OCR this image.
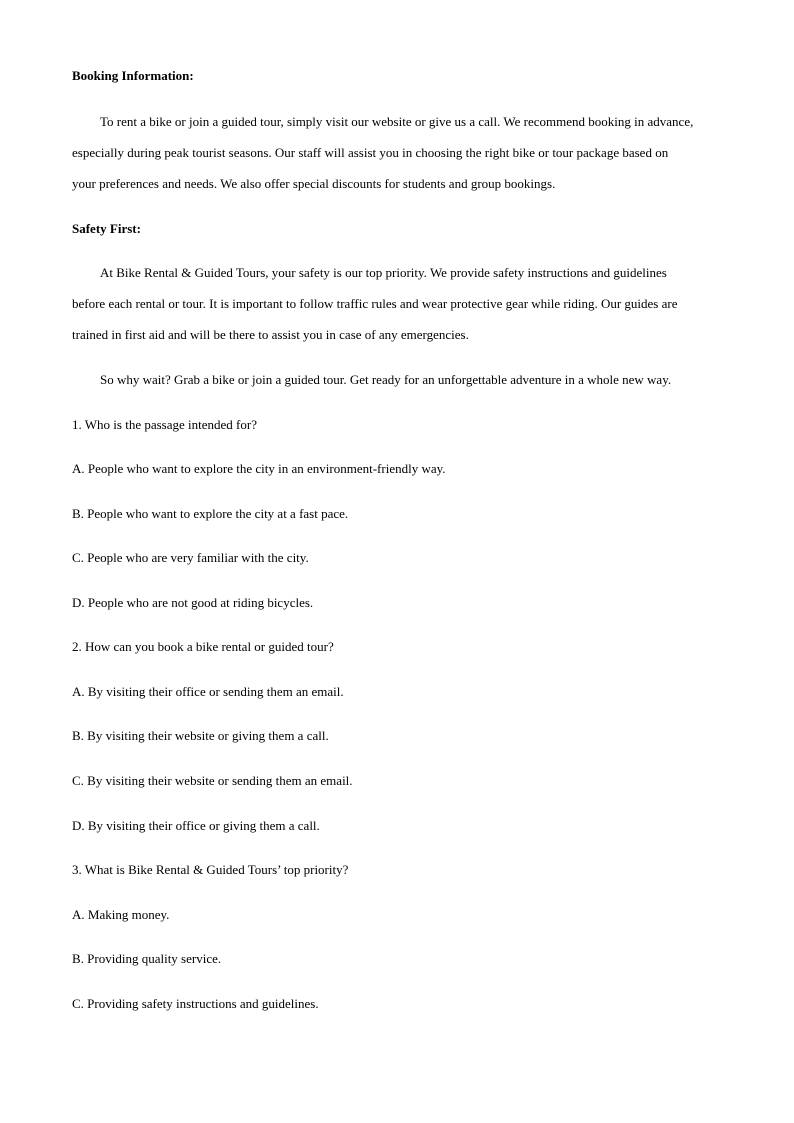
Booking Information:
To rent a bike or join a guided tour, simply visit our website or give us a call. We recommend booking in advance,
especially during peak tourist seasons. Our staff will assist you in choosing the right bike or tour package based on
your preferences and needs. We also offer special discounts for students and group bookings.
Safety First:
At Bike Rental & Guided Tours, your safety is our top priority. We provide safety instructions and guidelines
before each rental or tour. It is important to follow traffic rules and wear protective gear while riding. Our guides are
trained in first aid and will be there to assist you in case of any emergencies.
So why wait? Grab a bike or join a guided tour. Get ready for an unforgettable adventure in a whole new way.
1. Who is the passage intended for?
A. People who want to explore the city in an environment-friendly way.
B. People who want to explore the city at a fast pace.
C. People who are very familiar with the city.
D. People who are not good at riding bicycles.
2. How can you book a bike rental or guided tour?
A. By visiting their office or sending them an email.
B. By visiting their website or giving them a call.
C. By visiting their website or sending them an email.
D. By visiting their office or giving them a call.
3. What is Bike Rental & Guided Tours’ top priority?
A. Making money.
B. Providing quality service.
C. Providing safety instructions and guidelines.
